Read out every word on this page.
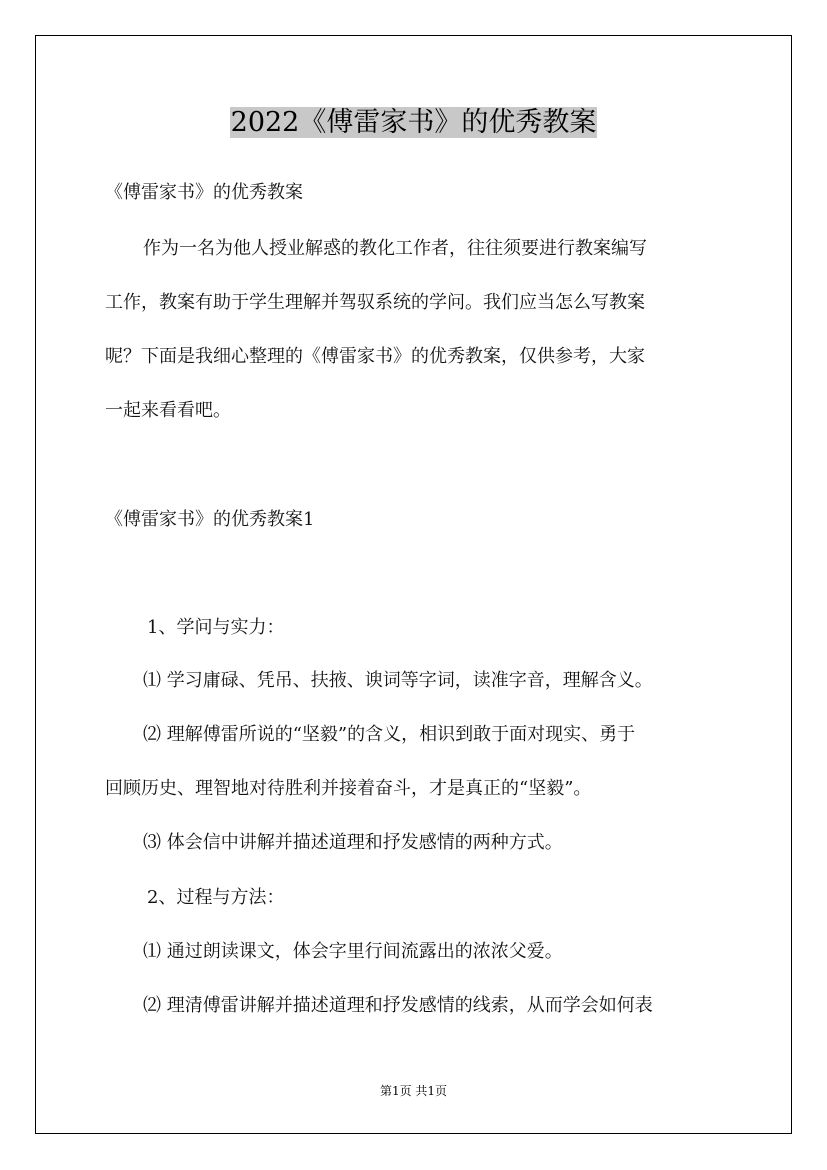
2022《傅雷家书》的优秀教案
《傅雷家书》的优秀教案
作为一名为他人授业解惑的教化工作者，往往须要进行教案编写
工作，教案有助于学生理解并驾驭系统的学问。我们应当怎么写教案
呢？下面是我细心整理的《傅雷家书》的优秀教案，仅供参考，大家
一起来看看吧。
《傅雷家书》的优秀教案1
1、学问与实力：
⑴ 学习庸碌、凭吊、扶掖、谀词等字词，读准字音，理解含义。
⑵ 理解傅雷所说的“坚毅”的含义，相识到敢于面对现实、勇于
回顾历史、理智地对待胜利并接着奋斗，才是真正的“坚毅”。
⑶ 体会信中讲解并描述道理和抒发感情的两种方式。
2、过程与方法：
⑴ 通过朗读课文，体会字里行间流露出的浓浓父爱。
⑵ 理清傅雷讲解并描述道理和抒发感情的线索，从而学会如何表
第1页 共1页
